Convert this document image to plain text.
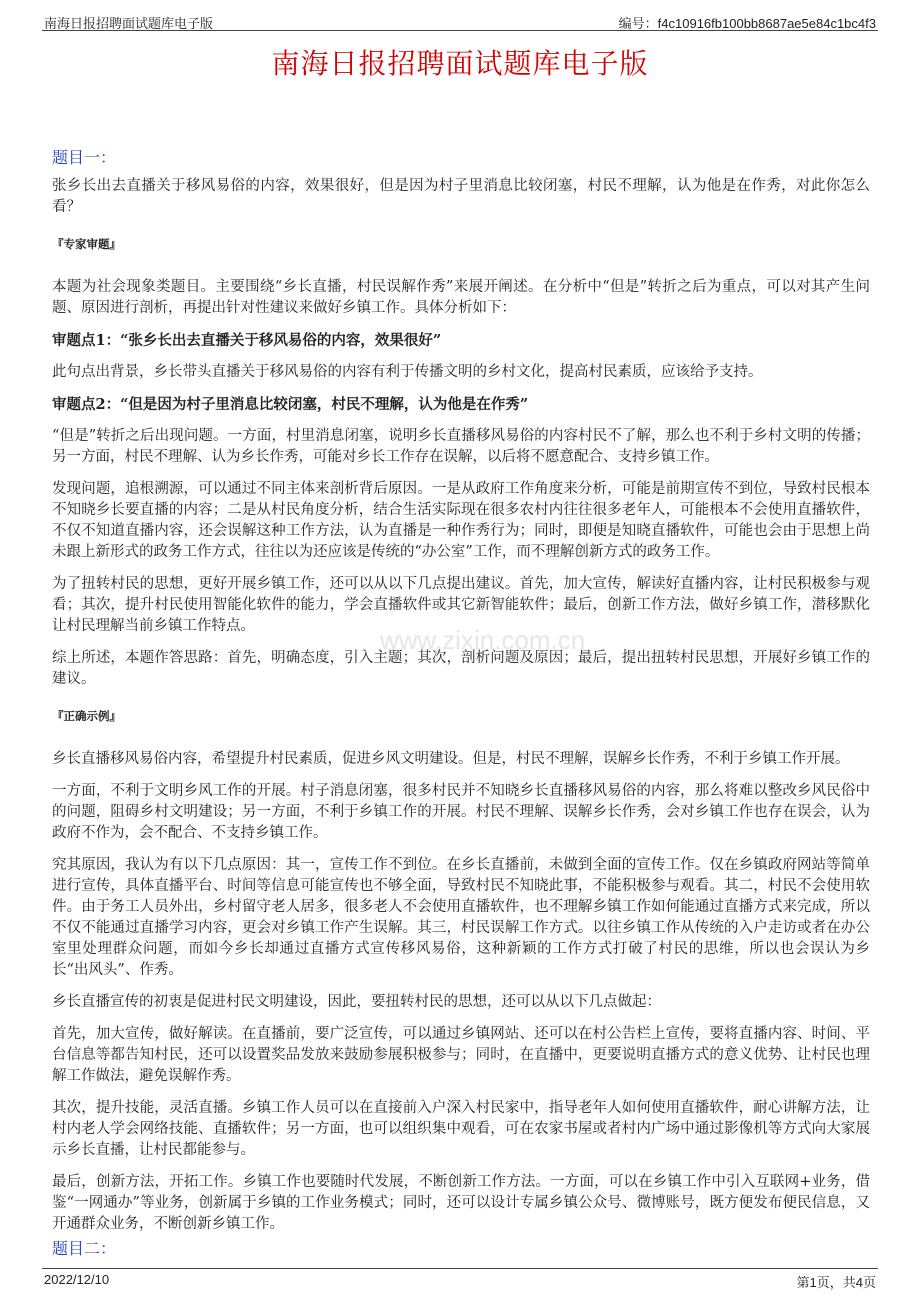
南海日报招聘面试题库电子版	编号：f4c10916fb100bb8687ae5e84c1bc4f3
南海日报招聘面试题库电子版
www.zixin.com.cn
题目一：

张乡长出去直播关于移风易俗的内容，效果很好，但是因为村子里消息比较闭塞，村民不理解，认为他是在作秀，对此你怎么看？

『专家审题』

本题为社会现象类题目。主要围绕“乡长直播，村民误解作秀”来展开阐述。在分析中“但是”转折之后为重点，可以对其产生问题、原因进行剖析，再提出针对性建议来做好乡镇工作。具体分析如下：

审题点1：“张乡长出去直播关于移风易俗的内容，效果很好”

此句点出背景，乡长带头直播关于移风易俗的内容有利于传播文明的乡村文化，提高村民素质，应该给予支持。

审题点2：“但是因为村子里消息比较闭塞，村民不理解，认为他是在作秀”

“但是”转折之后出现问题。一方面，村里消息闭塞，说明乡长直播移风易俗的内容村民不了解，那么也不利于乡村文明的传播；另一方面，村民不理解、认为乡长作秀，可能对乡长工作存在误解，以后将不愿意配合、支持乡镇工作。

发现问题，追根溯源，可以通过不同主体来剖析背后原因。一是从政府工作角度来分析，可能是前期宣传不到位，导致村民根本不知晓乡长要直播的内容；二是从村民角度分析，结合生活实际现在很多农村内往往很多老年人，可能根本不会使用直播软件，不仅不知道直播内容，还会误解这种工作方法，认为直播是一种作秀行为；同时，即便是知晓直播软件，可能也会由于思想上尚未跟上新形式的政务工作方式，往往以为还应该是传统的“办公室”工作，而不理解创新方式的政务工作。

为了扭转村民的思想，更好开展乡镇工作，还可以从以下几点提出建议。首先，加大宣传，解读好直播内容，让村民积极参与观看；其次，提升村民使用智能化软件的能力，学会直播软件或其它新智能软件；最后，创新工作方法，做好乡镇工作，潜移默化让村民理解当前乡镇工作特点。

综上所述，本题作答思路：首先，明确态度，引入主题；其次，剖析问题及原因；最后，提出扭转村民思想，开展好乡镇工作的建议。

『正确示例』

乡长直播移风易俗内容，希望提升村民素质，促进乡风文明建设。但是，村民不理解，误解乡长作秀，不利于乡镇工作开展。

一方面，不利于文明乡风工作的开展。村子消息闭塞，很多村民并不知晓乡长直播移风易俗的内容，那么将难以整改乡风民俗中的问题，阻碍乡村文明建设；另一方面，不利于乡镇工作的开展。村民不理解、误解乡长作秀，会对乡镇工作也存在误会，认为政府不作为，会不配合、不支持乡镇工作。

究其原因，我认为有以下几点原因：其一，宣传工作不到位。在乡长直播前，未做到全面的宣传工作。仅在乡镇政府网站等简单进行宣传，具体直播平台、时间等信息可能宣传也不够全面，导致村民不知晓此事，不能积极参与观看。其二，村民不会使用软件。由于务工人员外出，乡村留守老人居多，很多老人不会使用直播软件，也不理解乡镇工作如何能通过直播方式来完成，所以不仅不能通过直播学习内容，更会对乡镇工作产生误解。其三，村民误解工作方式。以往乡镇工作从传统的入户走访或者在办公室里处理群众问题，而如今乡长却通过直播方式宣传移风易俗，这种新颖的工作方式打破了村民的思维，所以也会误认为乡长“出风头”、作秀。

乡长直播宣传的初衷是促进村民文明建设，因此，要扭转村民的思想，还可以从以下几点做起：

首先，加大宣传，做好解读。在直播前，要广泛宣传，可以通过乡镇网站、还可以在村公告栏上宣传，要将直播内容、时间、平台信息等都告知村民，还可以设置奖品发放来鼓励参展积极参与；同时，在直播中，更要说明直播方式的意义优势、让村民也理解工作做法，避免误解作秀。

其次，提升技能，灵活直播。乡镇工作人员可以在直接前入户深入村民家中，指导老年人如何使用直播软件，耐心讲解方法，让村内老人学会网络技能、直播软件；另一方面，也可以组织集中观看，可在农家书屋或者村内广场中通过影像机等方式向大家展示乡长直播，让村民都能参与。

最后，创新方法，开拓工作。乡镇工作也要随时代发展，不断创新工作方法。一方面，可以在乡镇工作中引入互联网+业务，借鉴“一网通办”等业务，创新属于乡镇的工作业务模式；同时，还可以设计专属乡镇公众号、微博账号，既方便发布便民信息，又开通群众业务，不断创新乡镇工作。

题目二：
2022/12/10	第1页，共4页
